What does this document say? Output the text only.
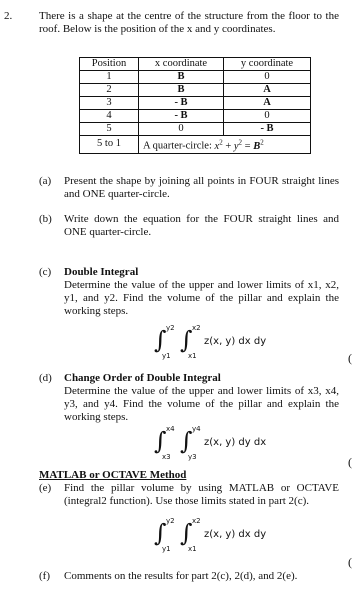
2. There is a shape at the centre of the structure from the floor to the roof. Below is the position of the x and y coordinates.
Position	x coordinate	y coordinate
1	B	0
2	B	A
3	- B	A
4	- B	0
5	0	- B
5 to 1	A quarter-circle: $x^2 + y^2 = B^2$
(a) Present the shape by joining all points in FOUR straight lines and ONE quarter-circle.
(b) Write down the equation for the FOUR straight lines and ONE quarter-circle.
(c) Double Integral
Determine the value of the upper and lower limits of x1, x2, y1, and y2. Find the volume of the pillar and explain the working steps.
∫ y2
y1
∫ x2
x1
z(x, y) dx dy
(d) Change Order of Double Integral
Determine the value of the upper and lower limits of x3, x4, y3, and y4. Find the volume of the pillar and explain the working steps.
∫ x4
x3
∫ y4
y3
z(x, y) dy dx
MATLAB or OCTAVE Method
(e) Find the pillar volume by using MATLAB or OCTAVE (integral2 function). Use those limits stated in part 2(c).
∫ y2
y1
∫ x2
x1
z(x, y) dx dy
(f) Comments on the results for part 2(c), 2(d), and 2(e).
(
(
(
